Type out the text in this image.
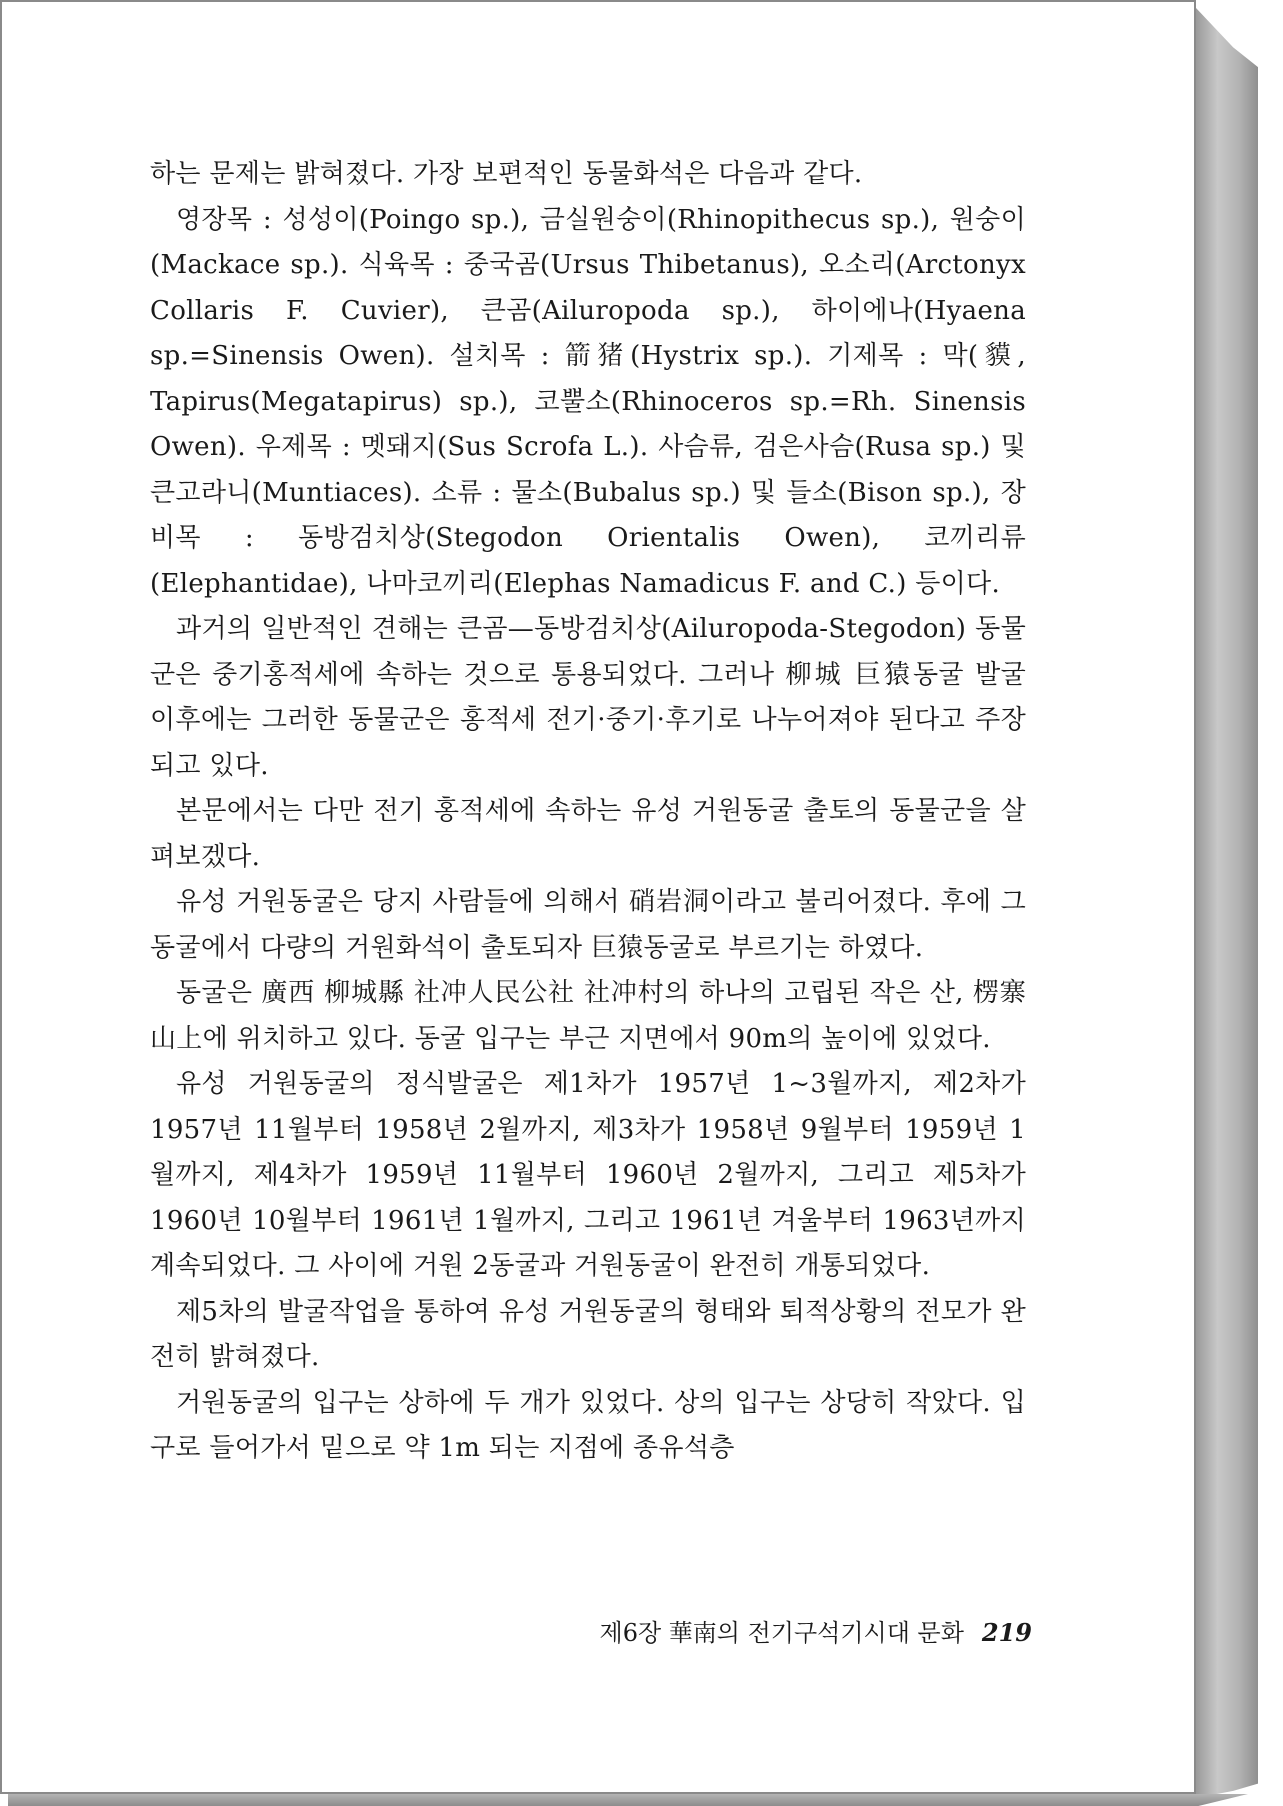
하는 문제는 밝혀졌다. 가장 보편적인 동물화석은 다음과 같다.

영장목 : 성성이(Poingo sp.), 금실원숭이(Rhinopithecus sp.), 원숭이(Mackace sp.). 식육목 : 중국곰(Ursus Thibetanus), 오소리(Arctonyx Collaris F. Cuvier), 큰곰(Ailuropoda sp.), 하이에나(Hyaena sp.=Sinensis Owen). 설치목 : 箭猪(Hystrix sp.). 기제목 : 막(貘, Tapirus(Megatapirus) sp.), 코뿔소(Rhinoceros sp.=Rh. Sinensis Owen). 우제목 : 멧돼지(Sus Scrofa L.). 사슴류, 검은사슴(Rusa sp.) 및 큰고라니(Muntiaces). 소류 : 물소(Bubalus sp.) 및 들소(Bison sp.), 장비목 : 동방검치상(Stegodon Orientalis Owen), 코끼리류(Elephantidae), 나마코끼리(Elephas Namadicus F. and C.) 등이다.

과거의 일반적인 견해는 큰곰—동방검치상(Ailuropoda-Stegodon) 동물군은 중기홍적세에 속하는 것으로 통용되었다. 그러나 柳城 巨猿동굴 발굴 이후에는 그러한 동물군은 홍적세 전기·중기·후기로 나누어져야 된다고 주장되고 있다.

본문에서는 다만 전기 홍적세에 속하는 유성 거원동굴 출토의 동물군을 살펴보겠다.

유성 거원동굴은 당지 사람들에 의해서 硝岩洞이라고 불리어졌다. 후에 그 동굴에서 다량의 거원화석이 출토되자 巨猿동굴로 부르기는 하였다.

동굴은 廣西 柳城縣 社冲人民公社 社冲村의 하나의 고립된 작은 산, 楞寨山上에 위치하고 있다. 동굴 입구는 부근 지면에서 90m의 높이에 있었다.

유성 거원동굴의 정식발굴은 제1차가 1957년 1~3월까지, 제2차가 1957년 11월부터 1958년 2월까지, 제3차가 1958년 9월부터 1959년 1월까지, 제4차가 1959년 11월부터 1960년 2월까지, 그리고 제5차가 1960년 10월부터 1961년 1월까지, 그리고 1961년 겨울부터 1963년까지 계속되었다. 그 사이에 거원 2동굴과 거원동굴이 완전히 개통되었다.

제5차의 발굴작업을 통하여 유성 거원동굴의 형태와 퇴적상황의 전모가 완전히 밝혀졌다.

거원동굴의 입구는 상하에 두 개가 있었다. 상의 입구는 상당히 작았다. 입구로 들어가서 밑으로 약 1m 되는 지점에 종유석층

제6장 華南의 전기구석기시대 문화 219
